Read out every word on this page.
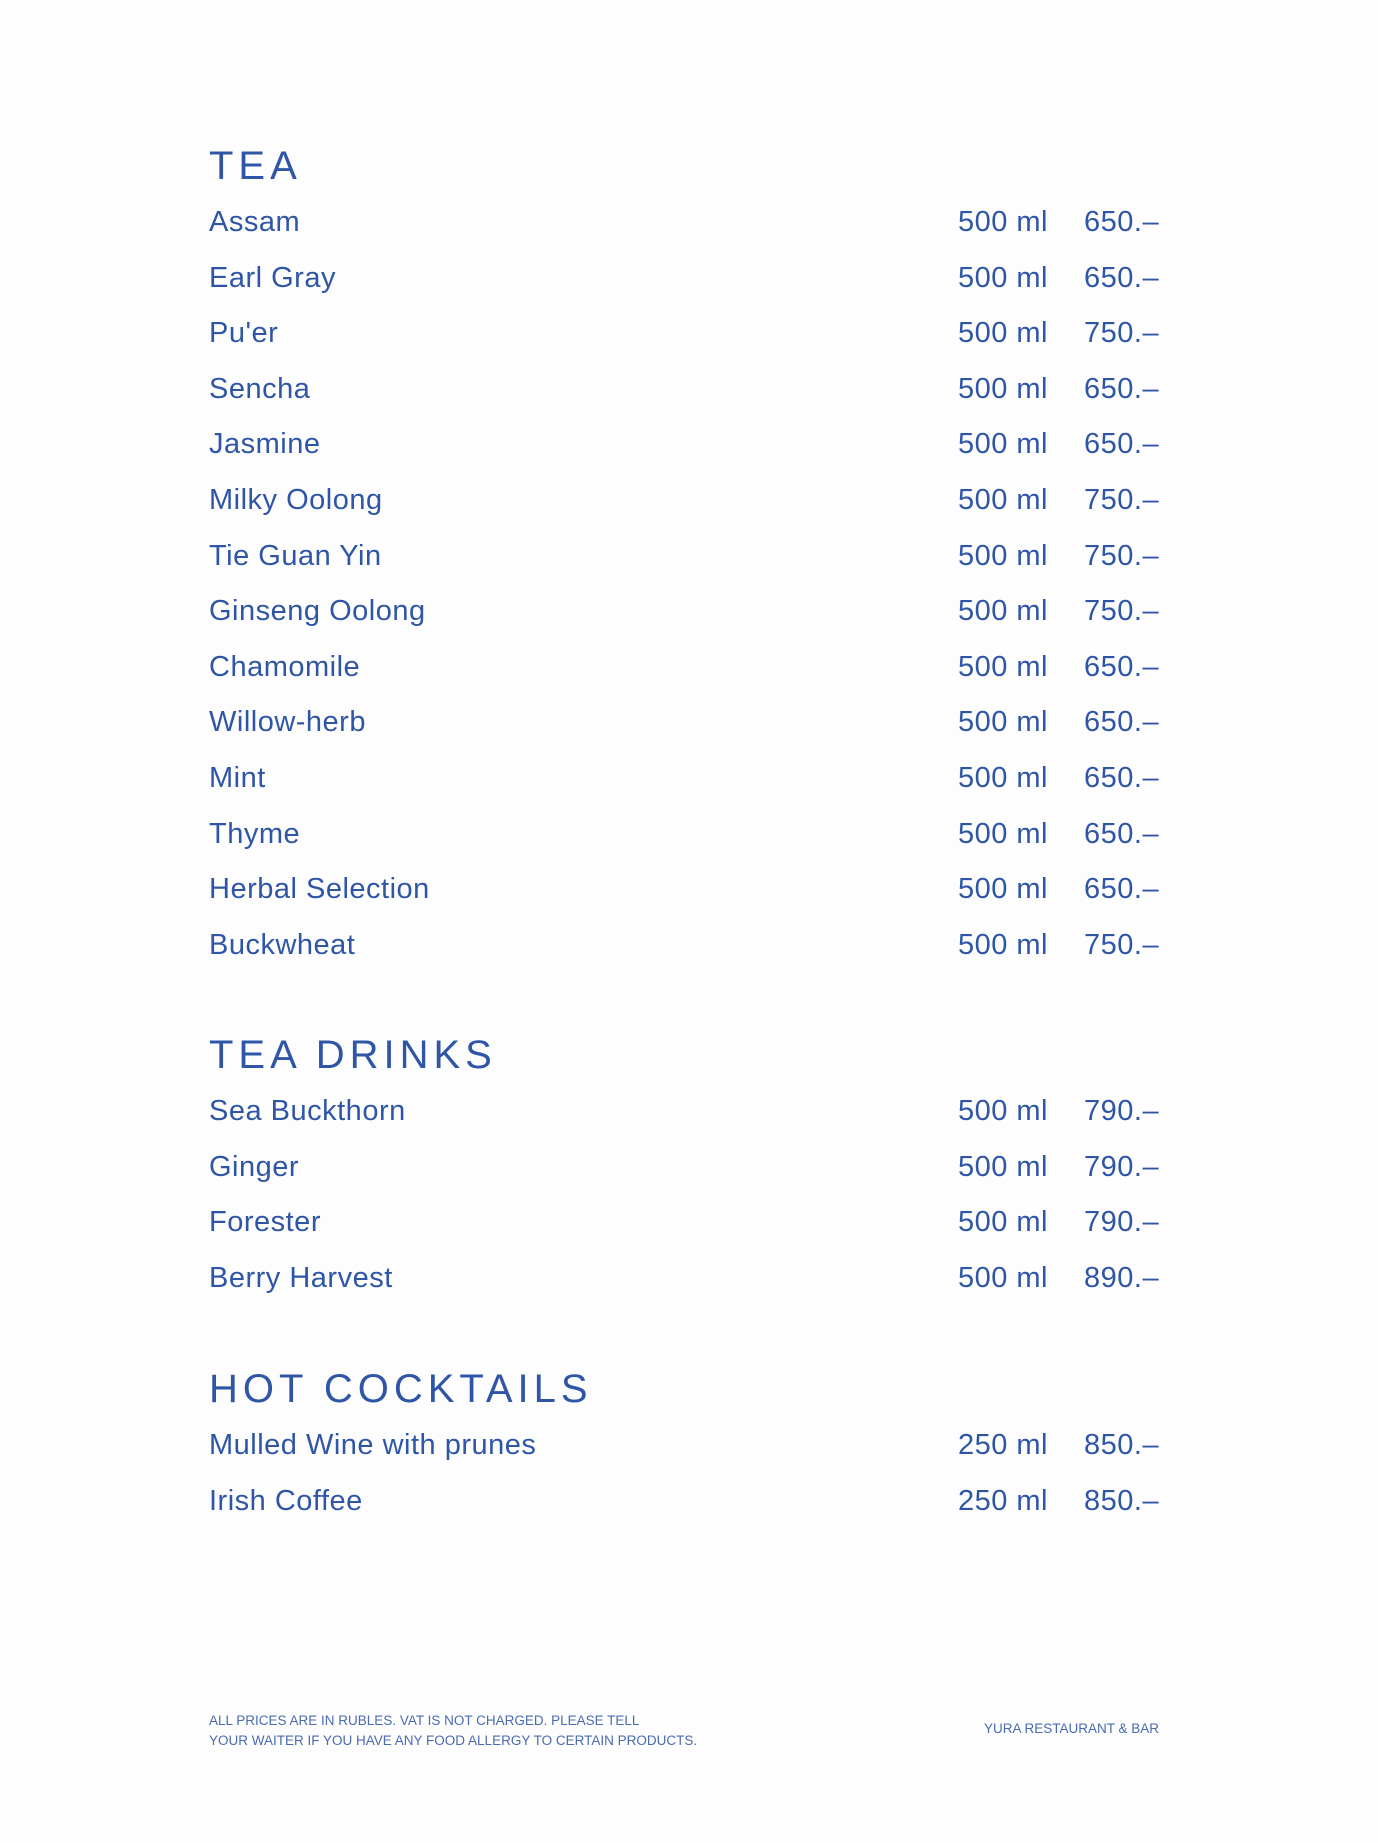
TEA
Assam	500 ml 650.–
Earl Gray	500 ml 650.–
Pu'er	500 ml 750.–
Sencha	500 ml 650.–
Jasmine	500 ml 650.–
Milky Oolong	500 ml 750.–
Tie Guan Yin	500 ml 750.–
Ginseng Oolong	500 ml 750.–
Chamomile	500 ml 650.–
Willow-herb	500 ml 650.–
Mint	500 ml 650.–
Thyme	500 ml 650.–
Herbal Selection	500 ml 650.–
Buckwheat	500 ml 750.–
TEA DRINKS
Sea Buckthorn	500 ml 790.–
Ginger	500 ml 790.–
Forester	500 ml 790.–
Berry Harvest	500 ml 890.–
HOT COCKTAILS
Mulled Wine with prunes	250 ml 850.–
Irish Coffee	250 ml 850.–
ALL PRICES ARE IN RUBLES. VAT IS NOT CHARGED. PLEASE TELL
YOUR WAITER IF YOU HAVE ANY FOOD ALLERGY TO CERTAIN PRODUCTS.
YURA RESTAURANT & BAR
